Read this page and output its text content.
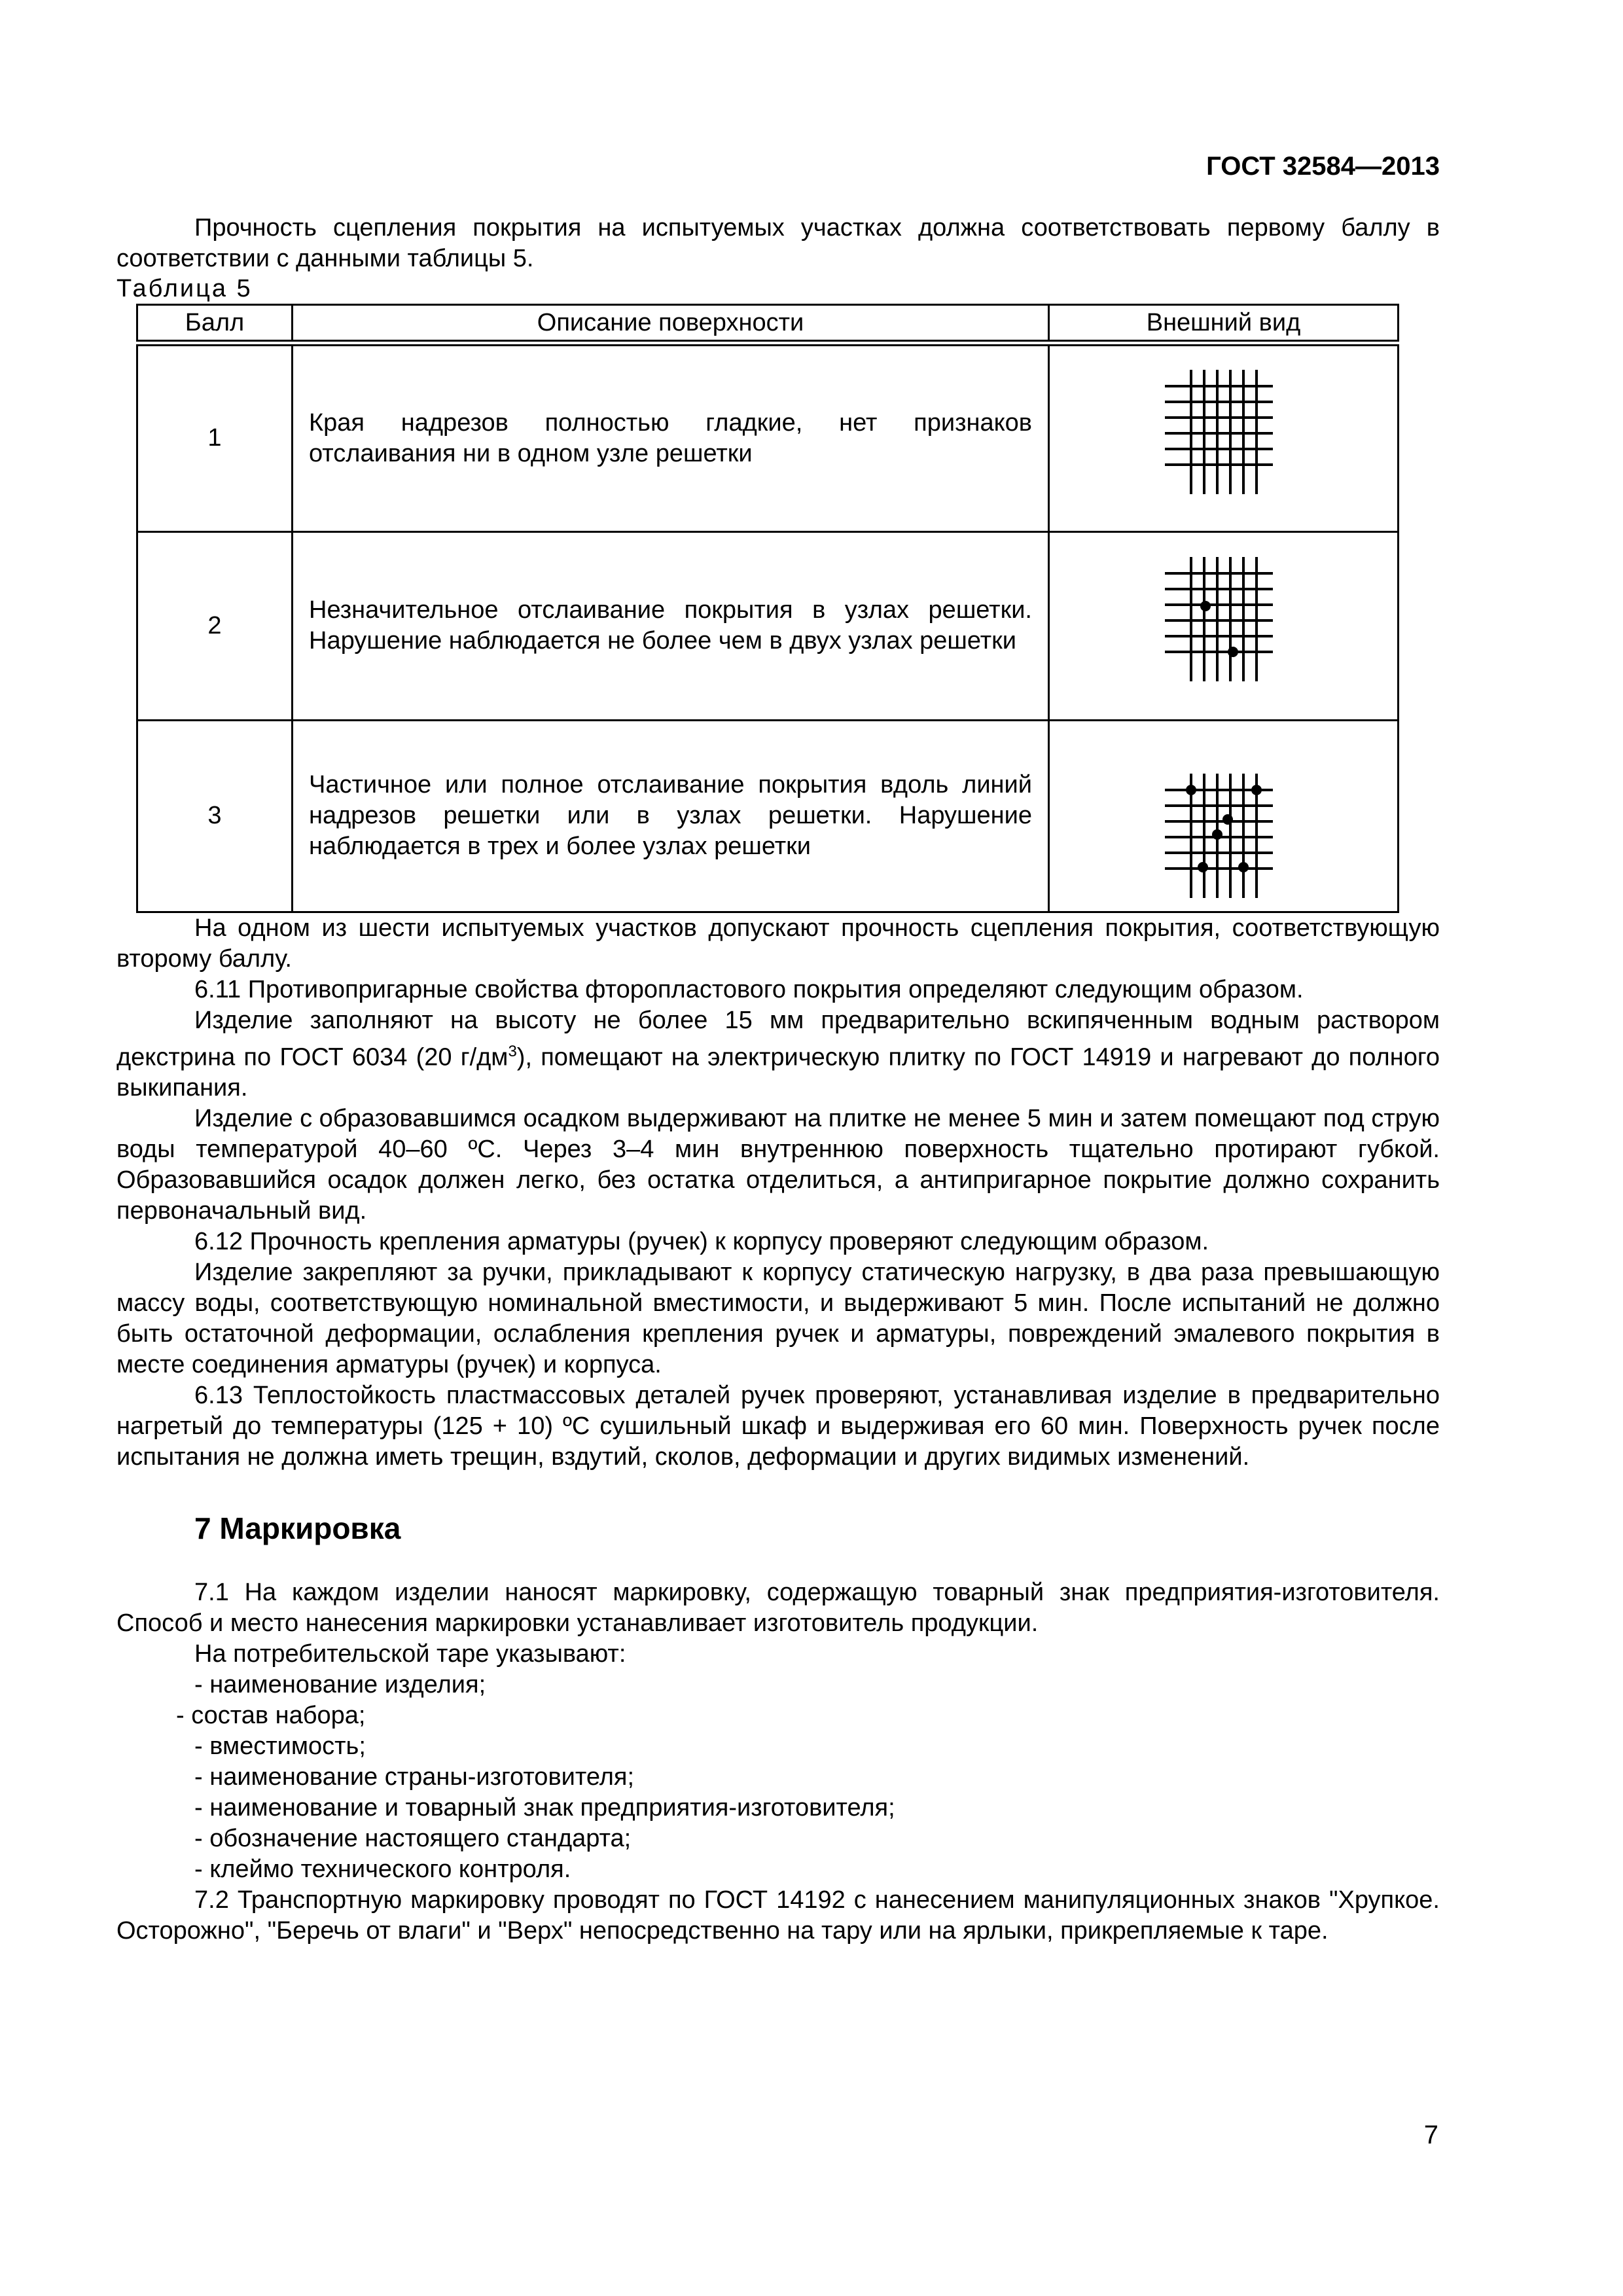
ГОСТ 32584—2013

Прочность сцепления покрытия на испытуемых участках должна соответствовать первому баллу в соответствии с данными таблицы 5.

Таблица 5

Балл	Описание поверхности	Внешний вид
1	Края надрезов полностью гладкие, нет признаков отслаивания ни в одном узле решетки	
2	Незначительное отслаивание покрытия в узлах решетки. Нарушение наблюдается не более чем в двух узлах решетки	
3	Частичное или полное отслаивание покрытия вдоль линий надрезов решетки или в узлах решетки. Нарушение наблюдается в трех и более узлах решетки	

На одном из шести испытуемых участков допускают прочность сцепления покрытия, соответствующую второму баллу.

6.11 Противопригарные свойства фторопластового покрытия определяют следующим образом.

Изделие заполняют на высоту не более 15 мм предварительно вскипяченным водным раствором декстрина по ГОСТ 6034 (20 $г/дм^3$), помещают на электрическую плитку по ГОСТ 14919 и нагревают до полного выкипания.

Изделие с образовавшимся осадком выдерживают на плитке не менее 5 мин и затем помещают под струю воды температурой 40–60 ºC. Через 3–4 мин внутреннюю поверхность тщательно протирают губкой. Образовавшийся осадок должен легко, без остатка отделиться, а антипригарное покрытие должно сохранить первоначальный вид.

6.12 Прочность крепления арматуры (ручек) к корпусу проверяют следующим образом.

Изделие закрепляют за ручки, прикладывают к корпусу статическую нагрузку, в два раза превышающую массу воды, соответствующую номинальной вместимости, и выдерживают 5 мин. После испытаний не должно быть остаточной деформации, ослабления крепления ручек и арматуры, повреждений эмалевого покрытия в месте соединения арматуры (ручек) и корпуса.

6.13 Теплостойкость пластмассовых деталей ручек проверяют, устанавливая изделие в предварительно нагретый до температуры (125 + 10) ºC сушильный шкаф и выдерживая его 60 мин. Поверхность ручек после испытания не должна иметь трещин, вздутий, сколов, деформации и других видимых изменений.

7 Маркировка

7.1 На каждом изделии наносят маркировку, содержащую товарный знак предприятия-изготовителя. Способ и место нанесения маркировки устанавливает изготовитель продукции.

На потребительской таре указывают:

- наименование изделия;

- состав набора;

- вместимость;

- наименование страны-изготовителя;

- наименование и товарный знак предприятия-изготовителя;

- обозначение настоящего стандарта;

- клеймо технического контроля.

7.2 Транспортную маркировку проводят по ГОСТ 14192 с нанесением манипуляционных знаков "Хрупкое. Осторожно", "Беречь от влаги" и "Верх" непосредственно на тару или на ярлыки, прикрепляемые к таре.

7
